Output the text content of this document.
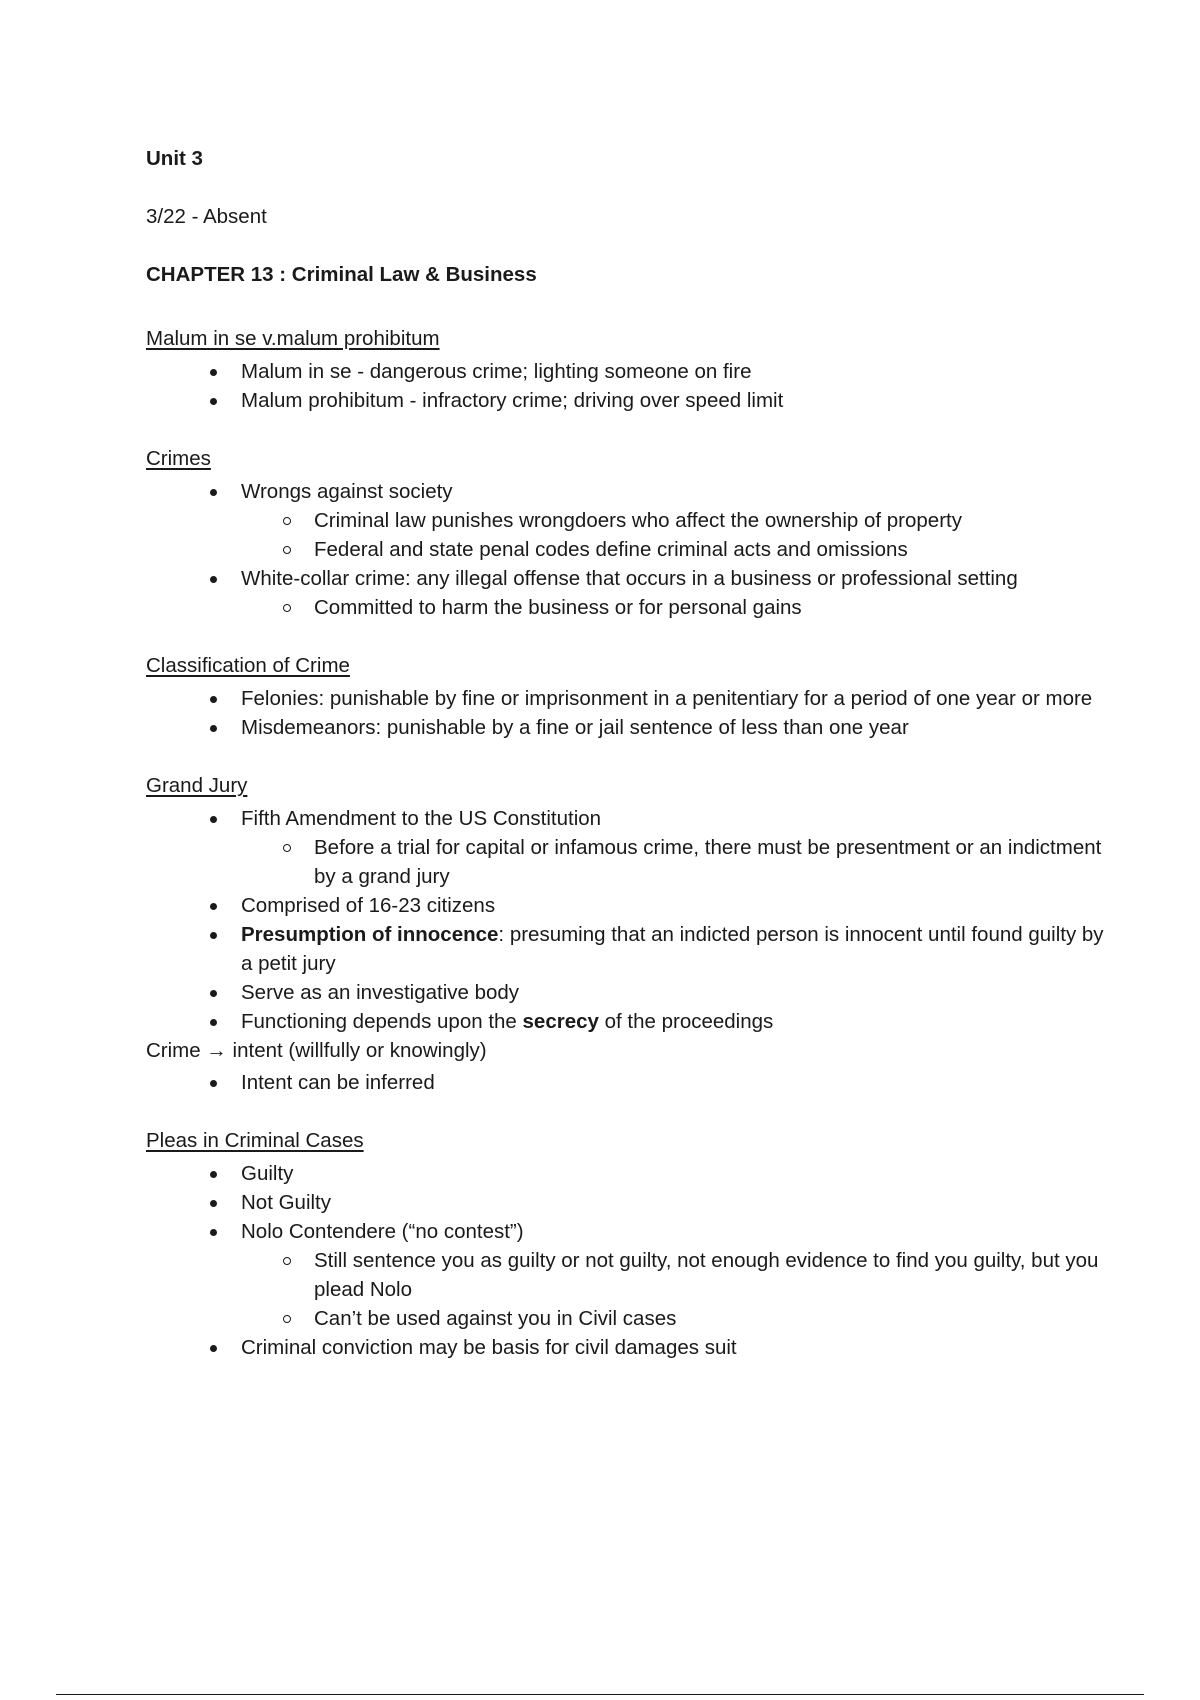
Unit 3

3/22 - Absent

CHAPTER 13 : Criminal Law & Business

Malum in se v.malum prohibitum

Malum in se - dangerous crime; lighting someone on fire
Malum prohibitum - infractory crime; driving over speed limit

Crimes

Wrongs against society
Criminal law punishes wrongdoers who affect the ownership of property
Federal and state penal codes define criminal acts and omissions
White-collar crime: any illegal offense that occurs in a business or professional setting
Committed to harm the business or for personal gains

Classification of Crime

Felonies: punishable by fine or imprisonment in a penitentiary for a period of one year or more
Misdemeanors: punishable by a fine or jail sentence of less than one year

Grand Jury

Fifth Amendment to the US Constitution
Before a trial for capital or infamous crime, there must be presentment or an indictment by a grand jury
Comprised of 16-23 citizens
Presumption of innocence: presuming that an indicted person is innocent until found guilty by a petit jury
Serve as an investigative body
Functioning depends upon the secrecy of the proceedings

Crime → intent (willfully or knowingly)

Intent can be inferred

Pleas in Criminal Cases

Guilty
Not Guilty
Nolo Contendere (“no contest”)
Still sentence you as guilty or not guilty, not enough evidence to find you guilty, but you plead Nolo
Can’t be used against you in Civil cases
Criminal conviction may be basis for civil damages suit
